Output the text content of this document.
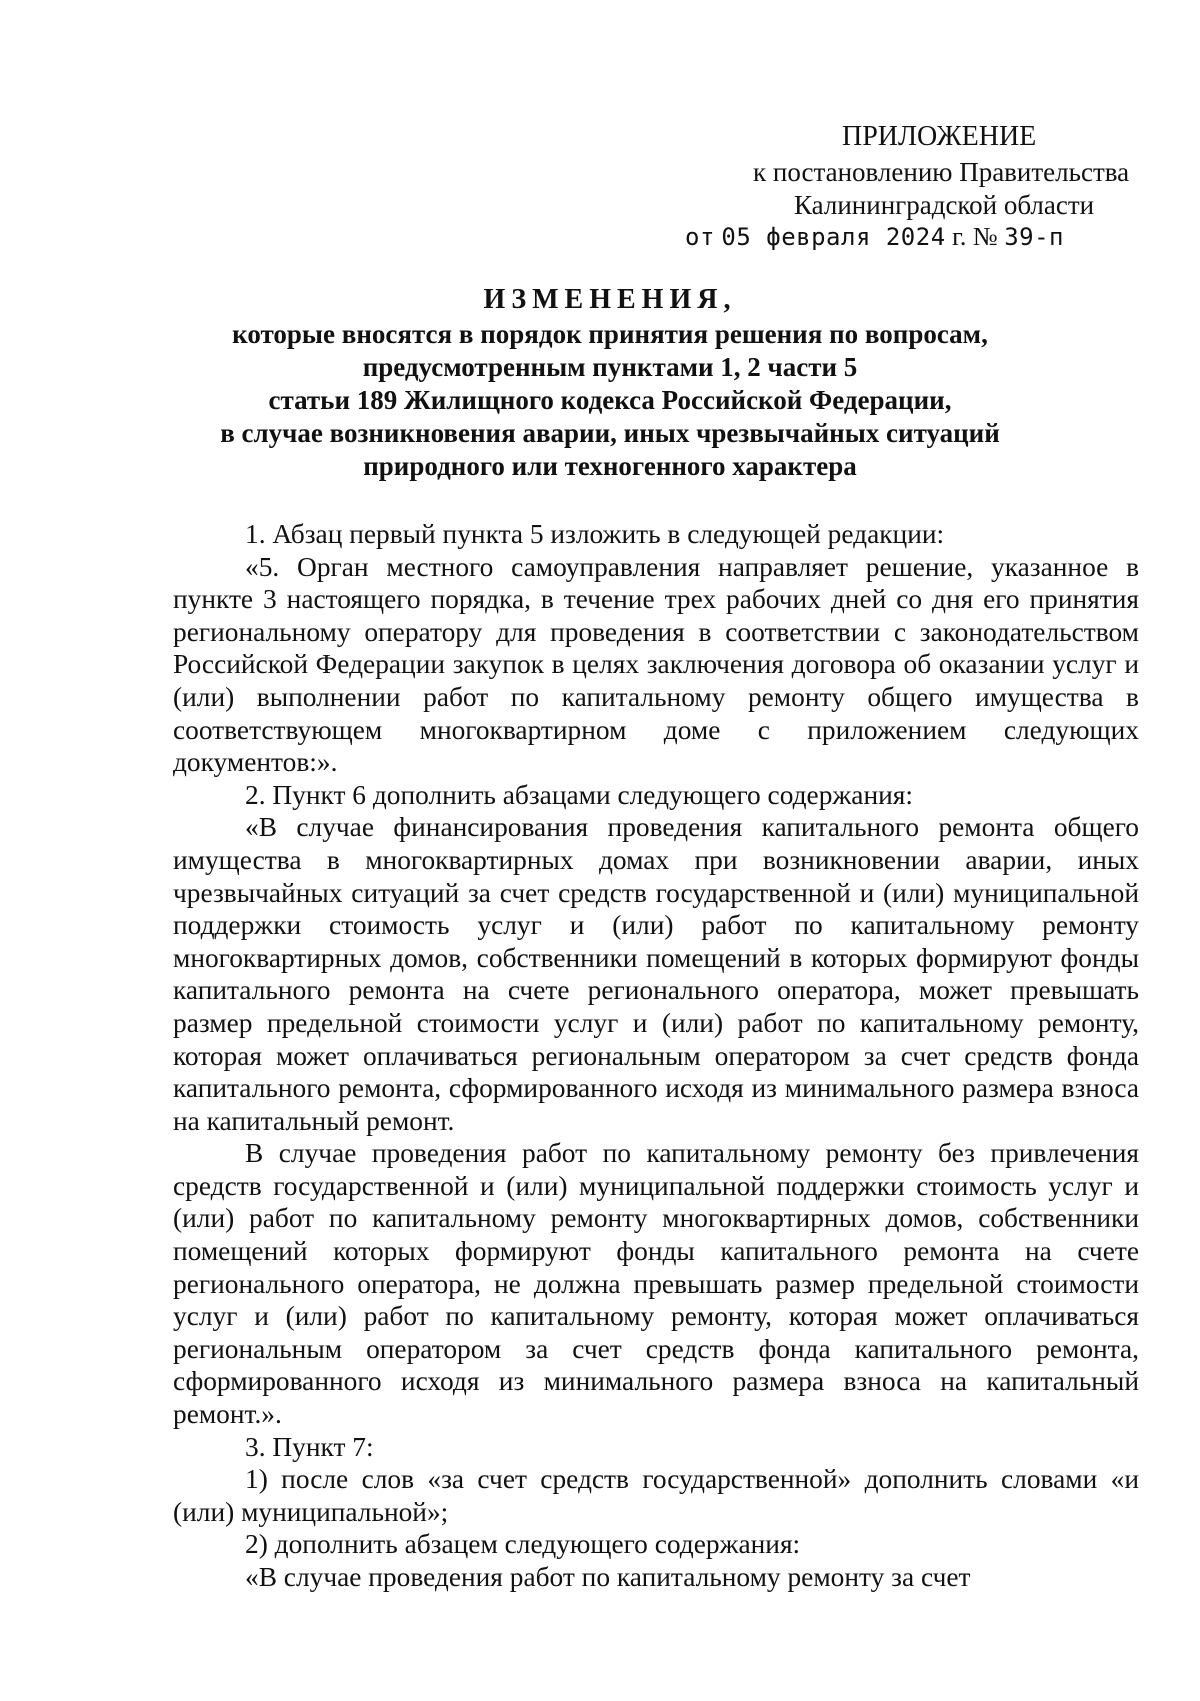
ПРИЛОЖЕНИЕ
к постановлению Правительства
Калининградской области
от 05 февраля 2024 г. № 39-п
ИЗМЕНЕНИЯ,
которые вносятся в порядок принятия решения по вопросам,
предусмотренным пунктами 1, 2 части 5
статьи 189 Жилищного кодекса Российской Федерации,
в случае возникновения аварии, иных чрезвычайных ситуаций
природного или техногенного характера

1. Абзац первый пункта 5 изложить в следующей редакции:

«5. Орган местного самоуправления направляет решение, указанное в пункте 3 настоящего порядка, в течение трех рабочих дней со дня его принятия региональному оператору для проведения в соответствии с законодательством Российской Федерации закупок в целях заключения договора об оказании услуг и (или) выполнении работ по капитальному ремонту общего имущества в соответствующем многоквартирном доме с приложением следующих документов:».

2. Пункт 6 дополнить абзацами следующего содержания:

«В случае финансирования проведения капитального ремонта общего имущества в многоквартирных домах при возникновении аварии, иных чрезвычайных ситуаций за счет средств государственной и (или) муниципальной поддержки стоимость услуг и (или) работ по капитальному ремонту многоквартирных домов, собственники помещений в которых формируют фонды капитального ремонта на счете регионального оператора, может превышать размер предельной стоимости услуг и (или) работ по капитальному ремонту, которая может оплачиваться региональным оператором за счет средств фонда капитального ремонта, сформированного исходя из минимального размера взноса на капитальный ремонт.

В случае проведения работ по капитальному ремонту без привлечения средств государственной и (или) муниципальной поддержки стоимость услуг и (или) работ по капитальному ремонту многоквартирных домов, собственники помещений которых формируют фонды капитального ремонта на счете регионального оператора, не должна превышать размер предельной стоимости услуг и (или) работ по капитальному ремонту, которая может оплачиваться региональным оператором за счет средств фонда капитального ремонта, сформированного исходя из минимального размера взноса на капитальный ремонт.».

3. Пункт 7:

1) после слов «за счет средств государственной» дополнить словами «и (или) муниципальной»;

2) дополнить абзацем следующего содержания:

«В случае проведения работ по капитальному ремонту за счет
